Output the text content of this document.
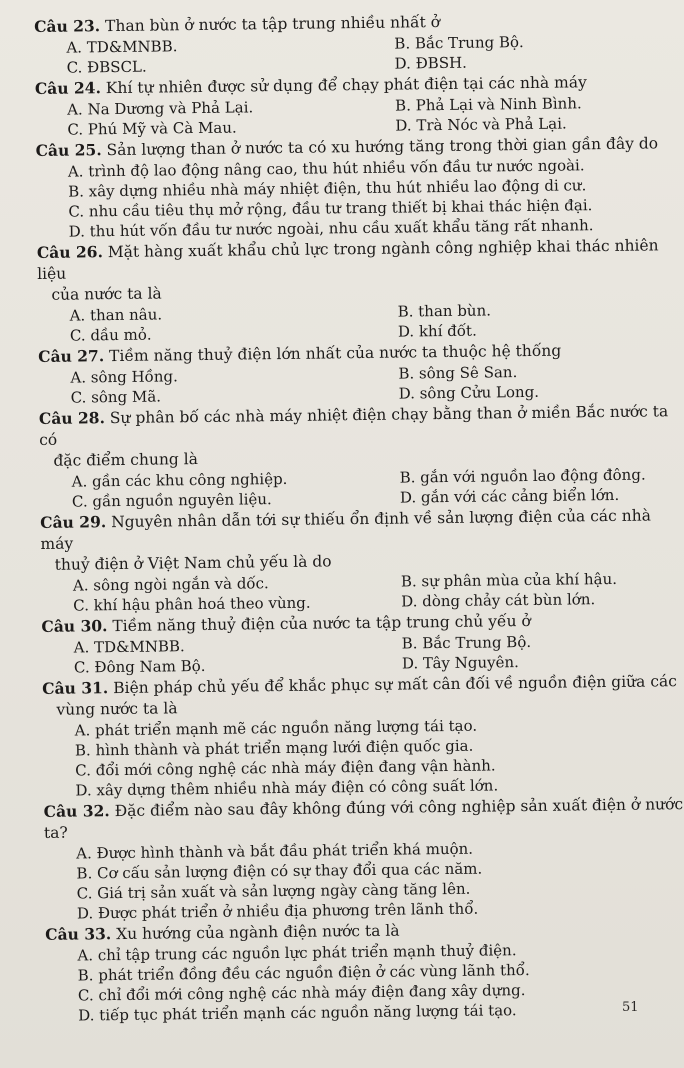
Câu 23. Than bùn ở nước ta tập trung nhiều nhất ở
A. TD&MNBB.	B. Bắc Trung Bộ.
C. ĐBSCL.	D. ĐBSH.
Câu 24. Khí tự nhiên được sử dụng để chạy phát điện tại các nhà máy
A. Na Dương và Phả Lại.	B. Phả Lại và Ninh Bình.
C. Phú Mỹ và Cà Mau.	D. Trà Nóc và Phả Lại.
Câu 25. Sản lượng than ở nước ta có xu hướng tăng trong thời gian gần đây do
A. trình độ lao động nâng cao, thu hút nhiều vốn đầu tư nước ngoài.
B. xây dựng nhiều nhà máy nhiệt điện, thu hút nhiều lao động di cư.
C. nhu cầu tiêu thụ mở rộng, đầu tư trang thiết bị khai thác hiện đại.
D. thu hút vốn đầu tư nước ngoài, nhu cầu xuất khẩu tăng rất nhanh.
Câu 26. Mặt hàng xuất khẩu chủ lực trong ngành công nghiệp khai thác nhiên liệu
của nước ta là
A. than nâu.	B. than bùn.
C. dầu mỏ.	D. khí đốt.
Câu 27. Tiềm năng thuỷ điện lớn nhất của nước ta thuộc hệ thống
A. sông Hồng.	B. sông Sê San.
C. sông Mã.	D. sông Cửu Long.
Câu 28. Sự phân bố các nhà máy nhiệt điện chạy bằng than ở miền Bắc nước ta có
đặc điểm chung là
A. gần các khu công nghiệp.	B. gắn với nguồn lao động đông.
C. gần nguồn nguyên liệu.	D. gắn với các cảng biển lớn.
Câu 29. Nguyên nhân dẫn tới sự thiếu ổn định về sản lượng điện của các nhà máy
thuỷ điện ở Việt Nam chủ yếu là do
A. sông ngòi ngắn và dốc.	B. sự phân mùa của khí hậu.
C. khí hậu phân hoá theo vùng.	D. dòng chảy cát bùn lớn.
Câu 30. Tiềm năng thuỷ điện của nước ta tập trung chủ yếu ở
A. TD&MNBB.	B. Bắc Trung Bộ.
C. Đông Nam Bộ.	D. Tây Nguyên.
Câu 31. Biện pháp chủ yếu để khắc phục sự mất cân đối về nguồn điện giữa các
vùng nước ta là
A. phát triển mạnh mẽ các nguồn năng lượng tái tạo.
B. hình thành và phát triển mạng lưới điện quốc gia.
C. đổi mới công nghệ các nhà máy điện đang vận hành.
D. xây dựng thêm nhiều nhà máy điện có công suất lớn.
Câu 32. Đặc điểm nào sau đây không đúng với công nghiệp sản xuất điện ở nước ta?
A. Được hình thành và bắt đầu phát triển khá muộn.
B. Cơ cấu sản lượng điện có sự thay đổi qua các năm.
C. Giá trị sản xuất và sản lượng ngày càng tăng lên.
D. Được phát triển ở nhiều địa phương trên lãnh thổ.
Câu 33. Xu hướng của ngành điện nước ta là
A. chỉ tập trung các nguồn lực phát triển mạnh thuỷ điện.
B. phát triển đồng đều các nguồn điện ở các vùng lãnh thổ.
C. chỉ đổi mới công nghệ các nhà máy điện đang xây dựng.
D. tiếp tục phát triển mạnh các nguồn năng lượng tái tạo.	51
